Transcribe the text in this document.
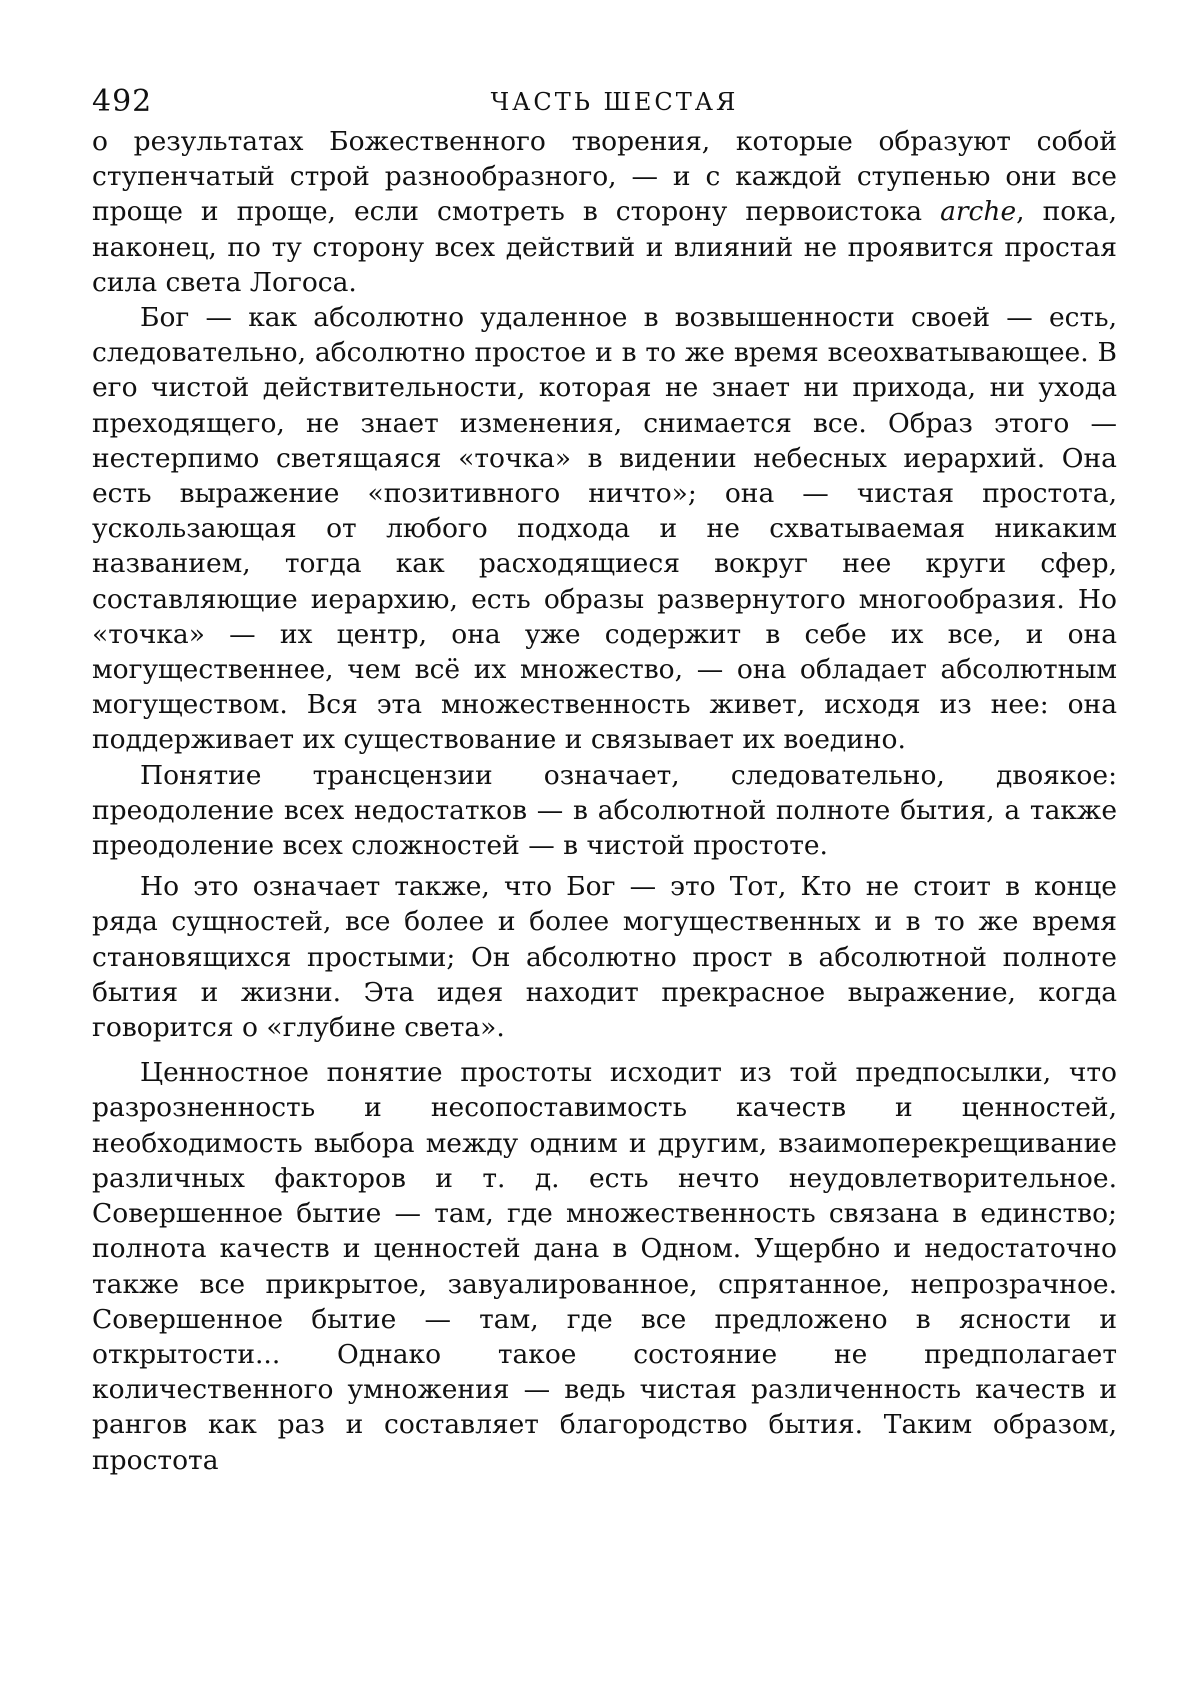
492	ЧАСТЬ ШЕСТАЯ

о результатах Божественного творения, которые образуют собой ступенчатый строй разнообразного, — и с каждой ступенью они все проще и проще, если смотреть в сторону первоистока arche, пока, наконец, по ту сторону всех действий и влияний не проявится простая сила света Логоса.

Бог — как абсолютно удаленное в возвышенности своей — есть, следовательно, абсолютно простое и в то же время всеохватывающее. В его чистой действительности, которая не знает ни прихода, ни ухода преходящего, не знает изменения, снимается все. Образ этого — нестерпимо светящаяся «точка» в видении небесных иерархий. Она есть выражение «позитивного ничто»; она — чистая простота, ускользающая от любого подхода и не схватываемая никаким названием, тогда как расходящиеся вокруг нее круги сфер, составляющие иерархию, есть образы развернутого многообразия. Но «точка» — их центр, она уже содержит в себе их все, и она могущественнее, чем всё их множество, — она обладает абсолютным могуществом. Вся эта множественность живет, исходя из нее: она поддерживает их существование и связывает их воедино.

Понятие трансцензии означает, следовательно, двоякое: преодоление всех недостатков — в абсолютной полноте бытия, а также преодоление всех сложностей — в чистой простоте.

Но это означает также, что Бог — это Тот, Кто не стоит в конце ряда сущностей, все более и более могущественных и в то же время становящихся простыми; Он абсолютно прост в абсолютной полноте бытия и жизни. Эта идея находит прекрасное выражение, когда говорится о «глубине света».

Ценностное понятие простоты исходит из той предпосылки, что разрозненность и несопоставимость качеств и ценностей, необходимость выбора между одним и другим, взаимоперекрещивание различных факторов и т. д. есть нечто неудовлетворительное. Совершенное бытие — там, где множественность связана в единство; полнота качеств и ценностей дана в Одном. Ущербно и недостаточно также все прикрытое, завуалированное, спрятанное, непрозрачное. Совершенное бытие — там, где все предложено в ясности и открытости... Однако такое состояние не предполагает количественного умножения — ведь чистая различенность качеств и рангов как раз и составляет благородство бытия. Таким образом, простота
